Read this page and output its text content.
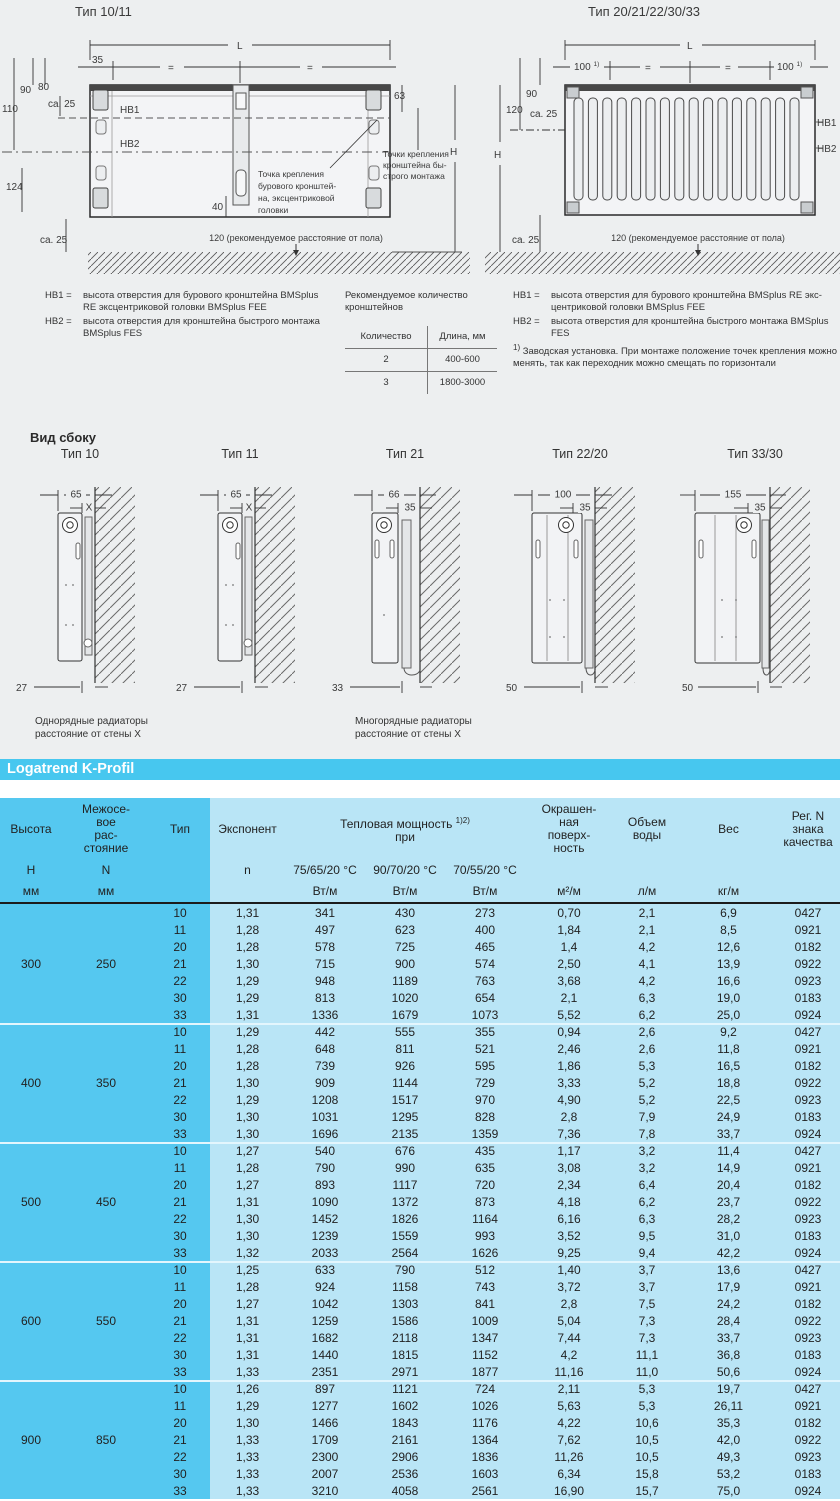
Тип 10/11
HB1
HB2
L
35
=	=
90 80
110	ca. 25
124
ca. 25
63
H
Точки крепления
кронштейна бы-
строго монтажа
Точка крепления
бурового кронштей-
на, эксцентриковой
головки
40
120 (рекомендуемое расстояние от пола)
Тип 20/21/22/30/33
L
100 $^{1)}$	=	=	100 $^{1)}$
90
120 ca. 25
H
HB1
HB2
ca. 25	120 (рекомендуемое расстояние от пола)
HB1 =	высота отверстия для бурового кронштейна BMSplus RE эксцентриковой головки BMSplus FEE
HB2 =	высота отверстия для кронштейна быстрого монтажа BMSplus FES
Рекомендуемое количество кронштейнов
Количество	Длина, мм
2	400-600
3	1800-3000
HB1 =	высота отверстия для бурового кронштейна BMSplus RE экс-центриковой головки BMSplus FEE
HB2 =	высота отверстия для кронштейна быстрого монтажа BMSplus FES
$^{1)}$ Заводская установка. При монтаже положение точек крепления можно менять, так как переходник можно смещать по горизонтали
Вид сбоку
Тип 10
65
X
27
Тип 11
65
X
27
Тип 21
66
35
33
Тип 22/20
100
35
50
Тип 33/30
155
35
50
Однорядные радиаторы
расстояние от стены X
Многорядные радиаторы
расстояние от стены X
Logatrend K-Profil
Высота
Межосе-
вое
рас-
стояние
Тип Экспонент	Тепловая мощность $^{1)2)}$
при
Окрашен-
ная
поверх-
ность
Объем
воды	Вес
Рег. N
знака
качества
H	N	n	75/65/20 °C 90/70/20 °C 70/55/20 °C
мм	мм	Вт/м	Вт/м	Вт/м	м²/м	л/м	кг/м
10	1,31	341	430	273	0,70	2,1	6,9	0427
11	1,28	497	623	400	1,84	2,1	8,5	0921
20	1,28	578	725	465	1,4	4,2	12,6	0182
300	250	21	1,30	715	900	574	2,50	4,1	13,9	0922
22	1,29	948	1189	763	3,68	4,2	16,6	0923
30	1,29	813	1020	654	2,1	6,3	19,0	0183
33	1,31	1336	1679	1073	5,52	6,2	25,0	0924
10	1,29	442	555	355	0,94	2,6	9,2	0427
11	1,28	648	811	521	2,46	2,6	11,8	0921
20	1,28	739	926	595	1,86	5,3	16,5	0182
400	350	21	1,30	909	1144	729	3,33	5,2	18,8	0922
22	1,29	1208	1517	970	4,90	5,2	22,5	0923
30	1,30	1031	1295	828	2,8	7,9	24,9	0183
33	1,30	1696	2135	1359	7,36	7,8	33,7	0924
10	1,27	540	676	435	1,17	3,2	11,4	0427
11	1,28	790	990	635	3,08	3,2	14,9	0921
20	1,27	893	1117	720	2,34	6,4	20,4	0182
500	450	21	1,31	1090	1372	873	4,18	6,2	23,7	0922
22	1,30	1452	1826	1164	6,16	6,3	28,2	0923
30	1,30	1239	1559	993	3,52	9,5	31,0	0183
33	1,32	2033	2564	1626	9,25	9,4	42,2	0924
10	1,25	633	790	512	1,40	3,7	13,6	0427
11	1,28	924	1158	743	3,72	3,7	17,9	0921
20	1,27	1042	1303	841	2,8	7,5	24,2	0182
600	550	21	1,31	1259	1586	1009	5,04	7,3	28,4	0922
22	1,31	1682	2118	1347	7,44	7,3	33,7	0923
30	1,31	1440	1815	1152	4,2	11,1	36,8	0183
33	1,33	2351	2971	1877	11,16	11,0	50,6	0924
10	1,26	897	1121	724	2,11	5,3	19,7	0427
11	1,29	1277	1602	1026	5,63	5,3	26,11	0921
20	1,30	1466	1843	1176	4,22	10,6	35,3	0182
900	850	21	1,33	1709	2161	1364	7,62	10,5	42,0	0922
22	1,33	2300	2906	1836	11,26	10,5	49,3	0923
30	1,33	2007	2536	1603	6,34	15,8	53,2	0183
33	1,33	3210	4058	2561	16,90	15,7	75,0	0924
